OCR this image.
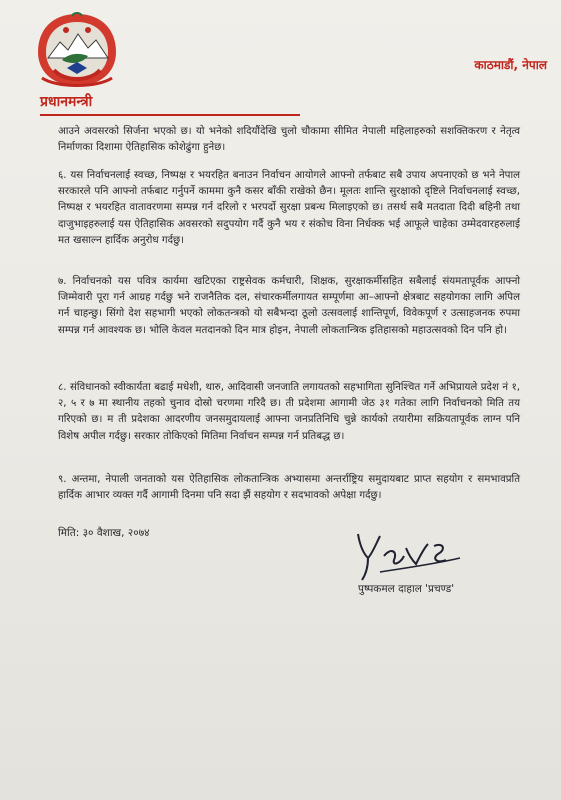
काठमाडौं, नेपाल
प्रधानमन्त्री

आउने अवसरको सिर्जना भएको छ। यो भनेको शदियौंदेखि चुलो चौकामा सीमित नेपाली महिलाहरुको सशक्तिकरण र नेतृत्व निर्माणका दिशामा ऐतिहासिक कोशेढुंगा हुनेछ।

६. यस निर्वाचनलाई स्वच्छ, निष्पक्ष र भयरहित बनाउन निर्वाचन आयोगले आफ्नो तर्फबाट सबै उपाय अपनाएको छ भने नेपाल सरकारले पनि आफ्नो तर्फबाट गर्नुपर्ने काममा कुनै कसर बाँकी राखेको छैन। मूलतः शान्ति सुरक्षाको दृष्टिले निर्वाचनलाई स्वच्छ, निष्पक्ष र भयरहित वातावरणमा सम्पन्न गर्न दरिलो र भरपर्दो सुरक्षा प्रबन्ध मिलाइएको छ। तसर्थ सबै मतदाता दिदी बहिनी तथा दाजुभाइहरुलाई यस ऐतिहासिक अवसरको सदुपयोग गर्दै कुनै भय र संकोच विना निर्धक्क भई आफूले चाहेका उम्मेदवारहरुलाई मत खसाल्न हार्दिक अनुरोध गर्दछु।

७. निर्वाचनको यस पवित्र कार्यमा खटिएका राष्ट्रसेवक कर्मचारी, शिक्षक, सुरक्षाकर्मीसहित सबैलाई संयमतापूर्वक आफ्नो जिम्मेवारी पूरा गर्न आग्रह गर्दछु भने राजनैतिक दल, संचारकर्मीलगायत सम्पूर्णमा आ–आफ्नो क्षेत्रबाट सहयोगका लागि अपिल गर्न चाहन्छु। सिंगो देश सहभागी भएको लोकतन्त्रको यो सबैभन्दा ठूलो उत्सवलाई शान्तिपूर्ण, विवेकपूर्ण र उत्साहजनक रुपमा सम्पन्न गर्न आवश्यक छ। भोलि केवल मतदानको दिन मात्र होइन, नेपाली लोकतान्त्रिक इतिहासको महाउत्सवको दिन पनि हो।

८. संविधानको स्वीकार्यता बढाई मधेशी, थारु, आदिवासी जनजाति लगायतको सहभागिता सुनिश्चित गर्ने अभिप्रायले प्रदेश नं १, २, ५ र ७ मा स्थानीय तहको चुनाव दोस्रो चरणमा गरिदै छ। ती प्रदेशमा आगामी जेठ ३१ गतेका लागि निर्वाचनको मिति तय गरिएको छ। म ती प्रदेशका आदरणीय जनसमुदायलाई आफ्ना जनप्रतिनिधि चुन्ने कार्यको तयारीमा सक्रियतापूर्वक लाग्न पनि विशेष अपील गर्दछु। सरकार तोकिएको मितिमा निर्वाचन सम्पन्न गर्न प्रतिबद्ध छ।

९. अन्तमा, नेपाली जनताको यस ऐतिहासिक लोकतान्त्रिक अभ्यासमा अन्तर्राष्ट्रिय समुदायबाट प्राप्त सहयोग र समभावप्रति हार्दिक आभार व्यक्त गर्दै आगामी दिनमा पनि सदा झैं सहयोग र सदभावको अपेक्षा गर्दछु।

मिति: ३० वैशाख, २०७४
पुष्पकमल दाहाल 'प्रचण्ड'
